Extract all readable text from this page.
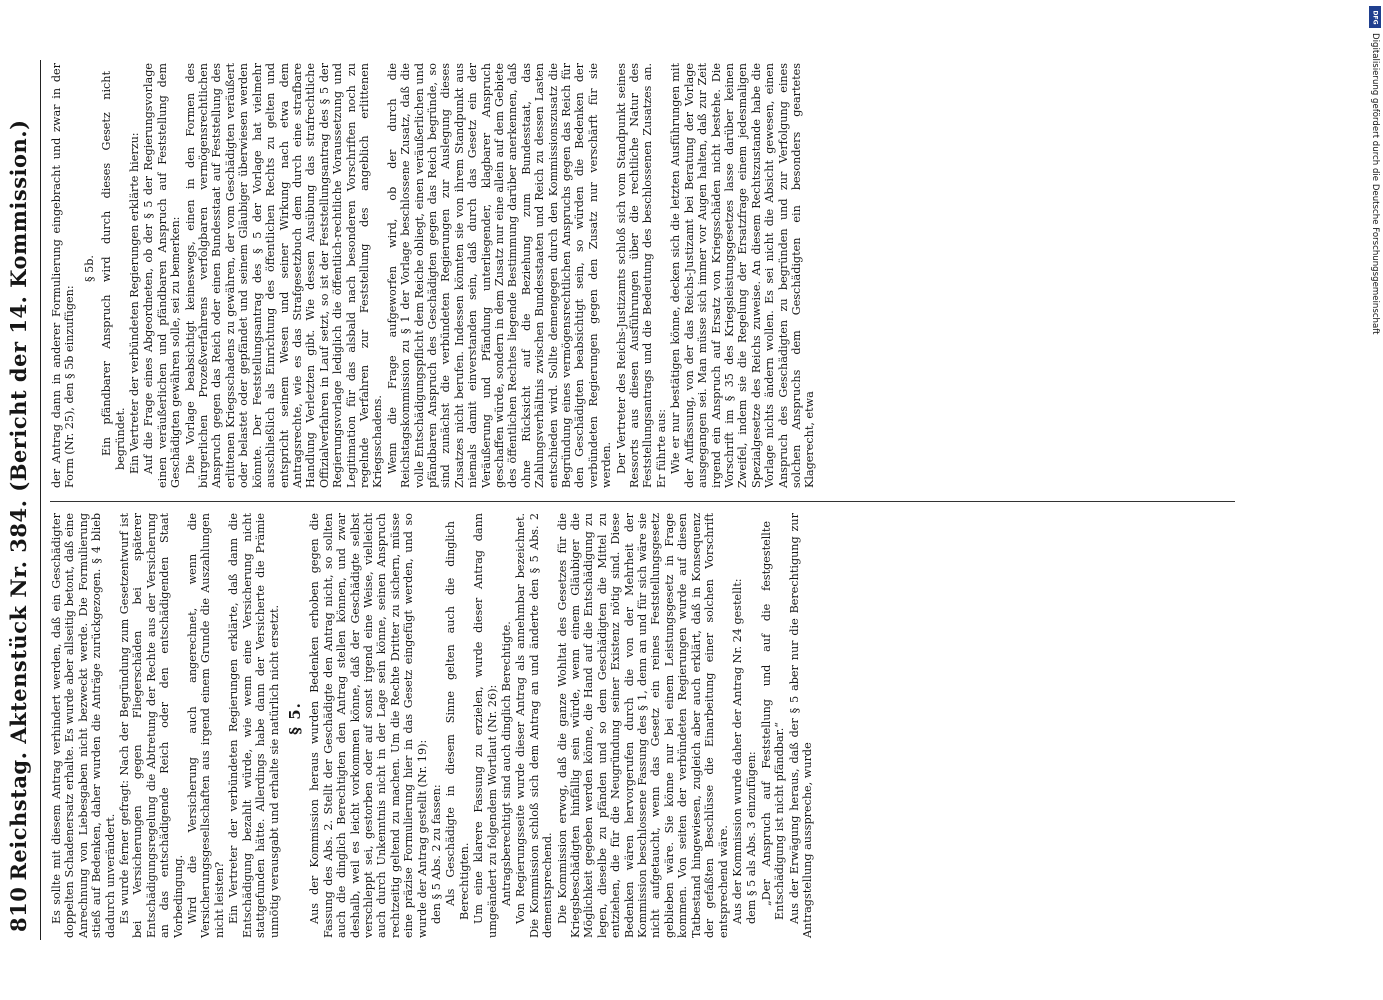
810
Reichstag. Aktenstück Nr. 384. (Bericht der 14. Kommission.) Es sollte mit diesem Antrag verhindert werden, daß ein Geschädigter doppelten Schadenersatz erhalte. Es wurde aber allseitig betont, daß eine Anrechnung von Liebesgaben nicht bezweckt werde. Die Formulierung stieß auf Bedenken, daher wurden die Anträge zurückgezogen. § 4 blieb dadurch unverändert. Es wurde ferner gefragt: Nach der Begründung zum Gesetzentwurf ist bei Versicherungen gegen Fliegerschäden bei späterer Entschädigungsregelung die Abtretung der Rechte aus der Versicherung an das entschädigende Reich oder den entschädigenden Staat Vorbedingung. Wird die Versicherung auch angerechnet, wenn die Versicherungsgesellschaften aus irgend einem Grunde die Auszahlungen nicht leisten? Ein Vertreter der verbündeten Regierungen erklärte, daß dann die Entschädigung bezahlt würde, wie wenn eine Versicherung nicht stattgefunden hätte. Allerdings habe dann der Versicherte die Prämie unnötig verausgabt und erhalte sie natürlich nicht ersetzt. § 5. Aus der Kommission heraus wurden Bedenken erhoben gegen die Fassung des Abs. 2. Stellt der Geschädigte den Antrag nicht, so sollten auch die dinglich Berechtigten den Antrag stellen können, und zwar deshalb, weil es leicht vorkommen könne, daß der Geschädigte selbst verschleppt sei, gestorben oder auf sonst irgend eine Weise, vielleicht auch durch Unkenntnis nicht in der Lage sein könne, seinen Anspruch rechtzeitig geltend zu machen. Um die Rechte Dritter zu sichern, müsse eine präzise Formulierung hier in das Gesetz eingefügt werden, und so wurde der Antrag gestellt (Nr. 19): den § 5 Abs. 2 zu fassen: Als Geschädigte in diesem Sinne gelten auch die dinglich Berechtigten. Um eine klarere Fassung zu erzielen, wurde dieser Antrag dann umgeändert zu folgendem Wortlaut (Nr. 26): Antragsberechtigt sind auch dinglich Berechtigte. Von Regierungsseite wurde dieser Antrag als annehmbar bezeichnet. Die Kommission schloß sich dem Antrag an und änderte den § 5 Abs. 2 dementsprechend. Die Kommission erwog, daß die ganze Wohltat des Gesetzes für die Kriegsbeschädigten hinfällig sein würde, wenn einem Gläubiger die Möglichkeit gegeben werden könne, die Hand auf die Entschädigung zu legen, dieselbe zu pfänden und so dem Geschädigten die Mittel zu entziehen, die für die Neugründung seiner Existenz nötig sind. Diese Bedenken wären hervorgerufen durch die von der Mehrheit der Kommission beschlossene Fassung des § 1, denn an und für sich wäre sie nicht aufgetaucht, wenn das Gesetz ein reines Feststellungsgesetz geblieben wäre. Sie könne nur bei einem Leistungsgesetz in Frage kommen. Von seiten der verbündeten Regierungen wurde auf diesen Tatbestand hingewiesen, zugleich aber auch erklärt, daß in Konsequenz der gefaßten Beschlüsse die Einarbeitung einer solchen Vorschrift entsprechend wäre. Aus der Kommission wurde daher der Antrag Nr. 24 gestellt: dem § 5 als Abs. 3 einzufügen: „Der Anspruch auf Feststellung und auf die festgestellte Entschädigung ist nicht pfändbar.“ Aus der Erwägung heraus, daß der § 5 aber nur die Berechtigung zur Antragstellung ausspreche, wurde

der Antrag dann in anderer Formulierung eingebracht und zwar in der Form (Nr. 25), den § 5b einzufügen:

§ 5b. Ein pfändbarer Anspruch wird durch dieses Gesetz nicht begründet. Ein Vertreter der verbündeten Regierungen erklärte hierzu: Auf die Frage eines Abgeordneten, ob der § 5 der Regierungsvorlage einen veräußerlichen und pfändbaren Anspruch auf Feststellung dem Geschädigten gewähren solle, sei zu bemerken: Die Vorlage beabsichtigt keineswegs, einen in den Formen des bürgerlichen Prozeßverfahrens verfolgbaren vermögensrechtlichen Anspruch gegen das Reich oder einen Bundesstaat auf Feststellung des erlittenen Kriegsschadens zu gewähren, der vom Geschädigten veräußert oder belastet oder gepfändet und seinem Gläubiger überwiesen werden könnte. Der Feststellungsantrag des § 5 der Vorlage hat vielmehr ausschließlich als Einrichtung des öffentlichen Rechts zu gelten und entspricht seinem Wesen und seiner Wirkung nach etwa dem Antragsrechte, wie es das Strafgesetzbuch dem durch eine strafbare Handlung Verletzten gibt. Wie dessen Ausübung das strafrechtliche Offizialverfahren in Lauf setzt, so ist der Feststellungsantrag des § 5 der Regierungsvorlage lediglich die öffentlich-rechtliche Voraussetzung und Legitimation für das alsbald nach besonderen Vorschriften noch zu regelnde Verfahren zur Feststellung des angeblich erlittenen Kriegsschadens. Wenn die Frage aufgeworfen wird, ob der durch die Reichstagskommission zu § 1 der Vorlage beschlossene Zusatz, daß die volle Entschädigungspflicht dem Reiche obliegt, einen veräußerlichen und pfändbaren Anspruch des Geschädigten gegen das Reich begründe, so sind zunächst die verbündeten Regierungen zur Auslegung dieses Zusatzes nicht berufen. Indessen könnten sie von ihrem Standpunkt aus niemals damit einverstanden sein, daß durch das Gesetz ein der Veräußerung und Pfändung unterliegender, klagbarer Anspruch geschaffen würde, sondern in dem Zusatz nur eine allein auf dem Gebiete des öffentlichen Rechtes liegende Bestimmung darüber anerkennen, daß ohne Rücksicht auf die Beziehung zum Bundesstaat, das Zahlungsverhältnis zwischen Bundesstaaten und Reich zu dessen Lasten entschieden wird. Sollte demengegen durch den Kommissionszusatz die Begründung eines vermögensrechtlichen Anspruchs gegen das Reich für den Geschädigten beabsichtigt sein, so würden die Bedenken der verbündeten Regierungen gegen den Zusatz nur verschärft für sie werden. Der Vertreter des Reichs-Justizamts schloß sich vom Standpunkt seines Ressorts aus diesen Ausführungen über die rechtliche Natur des Feststellungsantrags und die Bedeutung des beschlossenen Zusatzes an. Er führte aus: Wie er nur bestätigen könne, decken sich die letzten Ausführungen mit der Auffassung, von der das Reichs-Justizamt bei Beratung der Vorlage ausgegangen sei. Man müsse sich immer vor Augen halten, daß zur Zeit irgend ein Anspruch auf Ersatz von Kriegsschäden nicht bestehe. Die Vorschrift im § 35 des Kriegsleistungsgesetzes lasse darüber keinen Zweifel, indem sie die Regelung der Ersatzfrage einem jedesmaligen Spezialgesetze des Reichs zuweise. An diesem Rechtszustande habe die Vorlage nichts ändern wollen. Es sei nicht die Absicht gewesen, einen Anspruch des Geschädigten zu begründen und zur Verfolgung eines solchen Anspruchs dem Geschädigten ein besonders geartetes Klagerecht, etwa

DFG
Digitalisierung gefördert durch die Deutsche Forschungsgemeinschaft
